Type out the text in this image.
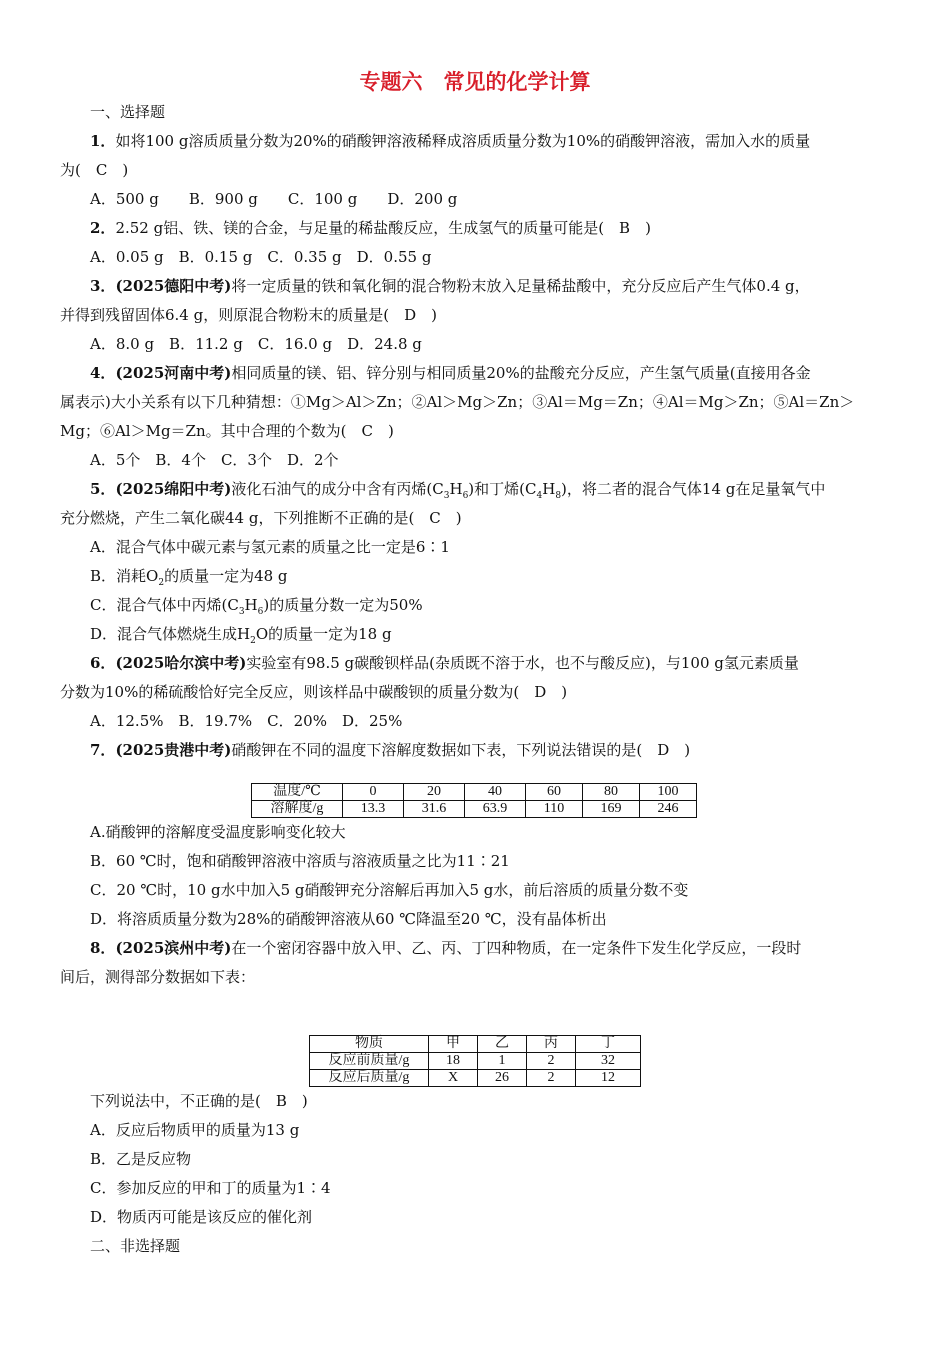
专题六　常见的化学计算
一、选择题
1．如将100 g溶质质量分数为20%的硝酸钾溶液稀释成溶质质量分数为10%的硝酸钾溶液，需加入水的质量
为(　C　)
A．500 g　　B．900 g　　C．100 g　　D．200 g
2．2.52 g铝、铁、镁的合金，与足量的稀盐酸反应，生成氢气的质量可能是(　B　)
A．0.05 g　B．0.15 g　C．0.35 g　D．0.55 g
3．(2025德阳中考)将一定质量的铁和氧化铜的混合物粉末放入足量稀盐酸中，充分反应后产生气体0.4 g，
并得到残留固体6.4 g，则原混合物粉末的质量是(　D　)
A．8.0 g　B．11.2 g　C．16.0 g　D．24.8 g
4．(2025河南中考)相同质量的镁、铝、锌分别与相同质量20%的盐酸充分反应，产生氢气质量(直接用各金
属表示)大小关系有以下几种猜想：①Mg＞Al＞Zn；②Al＞Mg＞Zn；③Al＝Mg＝Zn；④Al＝Mg＞Zn；⑤Al＝Zn＞
Mg；⑥Al＞Mg＝Zn。其中合理的个数为(　C　)
A．5个　B．4个　C．3个　D．2个
5．(2025绵阳中考)液化石油气的成分中含有丙烯$(C_3H_6)$和丁烯$(C_4H_8)$，将二者的混合气体14 g在足量氧气中
充分燃烧，产生二氧化碳44 g，下列推断不正确的是(　C　)
A．混合气体中碳元素与氢元素的质量之比一定是6∶1
B．消耗$O_2$的质量一定为48 g
C．混合气体中丙烯$(C_3H_6)$的质量分数一定为50%
D．混合气体燃烧生成$H_2O$的质量一定为18 g
6．(2025哈尔滨中考)实验室有98.5 g碳酸钡样品(杂质既不溶于水，也不与酸反应)，与100 g氢元素质量
分数为10%的稀硫酸恰好完全反应，则该样品中碳酸钡的质量分数为(　D　)
A．12.5%　B．19.7%　C．20%　D．25%
7．(2025贵港中考)硝酸钾在不同的温度下溶解度数据如下表，下列说法错误的是(　D　)
温度/℃	0	20	40	60	80	100
溶解度/g	13.3	31.6	63.9	110	169	246
A.硝酸钾的溶解度受温度影响变化较大
B．60 ℃时，饱和硝酸钾溶液中溶质与溶液质量之比为11∶21
C．20 ℃时，10 g水中加入5 g硝酸钾充分溶解后再加入5 g水，前后溶质的质量分数不变
D．将溶质质量分数为28%的硝酸钾溶液从60 ℃降温至20 ℃，没有晶体析出
8．(2025滨州中考)在一个密闭容器中放入甲、乙、丙、丁四种物质，在一定条件下发生化学反应，一段时
间后，测得部分数据如下表：
物质	甲	乙	丙	丁
反应前质量/g	18	1	2	32
反应后质量/g	X	26	2	12
下列说法中，不正确的是(　B　)
A．反应后物质甲的质量为13 g
B．乙是反应物
C．参加反应的甲和丁的质量为1∶4
D．物质丙可能是该反应的催化剂
二、非选择题
